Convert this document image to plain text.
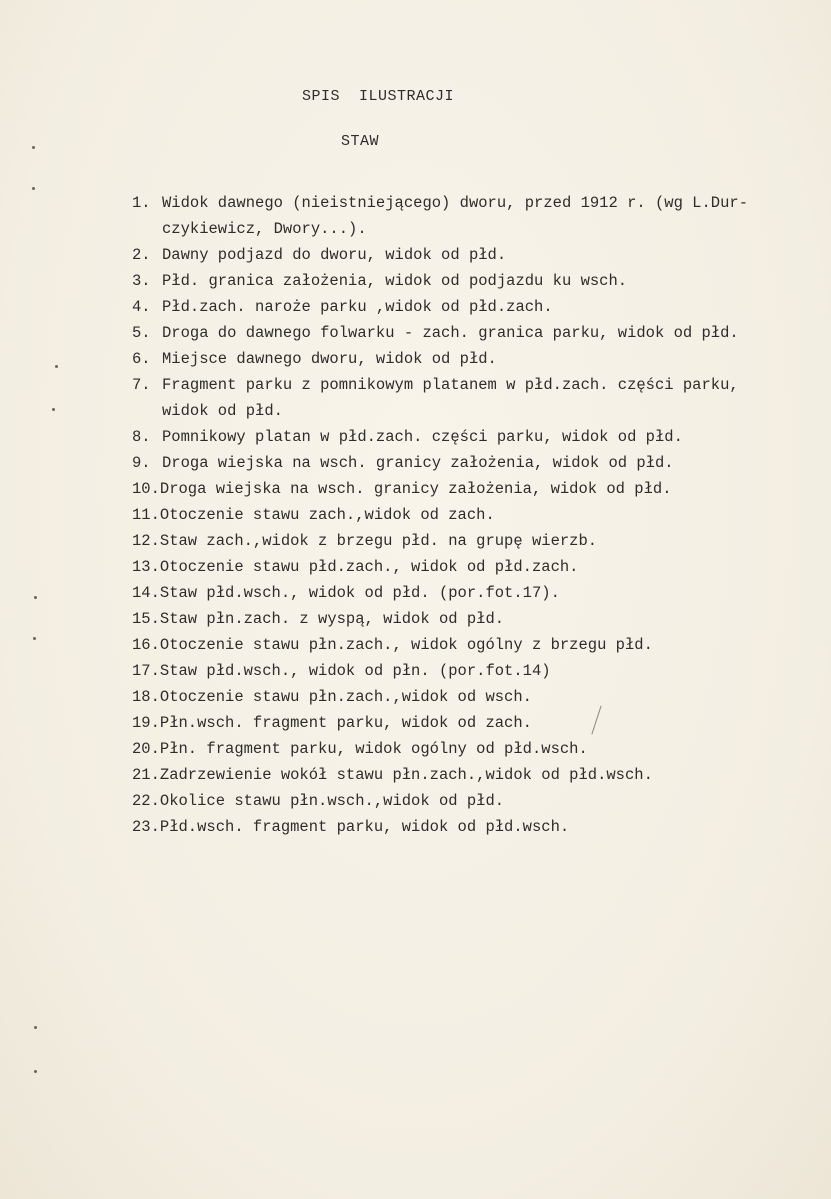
SPIS  ILUSTRACJI
STAW
1. Widok dawnego (nieistniejącego) dworu, przed 1912 r. (wg L.Dur-
czykiewicz, Dwory...).
2. Dawny podjazd do dworu, widok od płd.
3. Płd. granica założenia, widok od podjazdu ku wsch.
4. Płd.zach. naroże parku ,widok od płd.zach.
5. Droga do dawnego folwarku - zach. granica parku, widok od płd.
6. Miejsce dawnego dworu, widok od płd.
7. Fragment parku z pomnikowym platanem w płd.zach. części parku,
widok od płd.
8. Pomnikowy platan w płd.zach. części parku, widok od płd.
9. Droga wiejska na wsch. granicy założenia, widok od płd.
10. Droga wiejska na wsch. granicy założenia, widok od płd.
11. Otoczenie stawu zach.,widok od zach.
12. Staw zach.,widok z brzegu płd. na grupę wierzb.
13. Otoczenie stawu płd.zach., widok od płd.zach.
14. Staw płd.wsch., widok od płd. (por.fot.17).
15. Staw płn.zach. z wyspą, widok od płd.
16. Otoczenie stawu płn.zach., widok ogólny z brzegu płd.
17. Staw płd.wsch., widok od płn. (por.fot.14)
18. Otoczenie stawu płn.zach.,widok od wsch.
19. Płn.wsch. fragment parku, widok od zach.
20. Płn. fragment parku, widok ogólny od płd.wsch.
21. Zadrzewienie wokół stawu płn.zach.,widok od płd.wsch.
22. Okolice stawu płn.wsch.,widok od płd.
23. Płd.wsch. fragment parku, widok od płd.wsch.
